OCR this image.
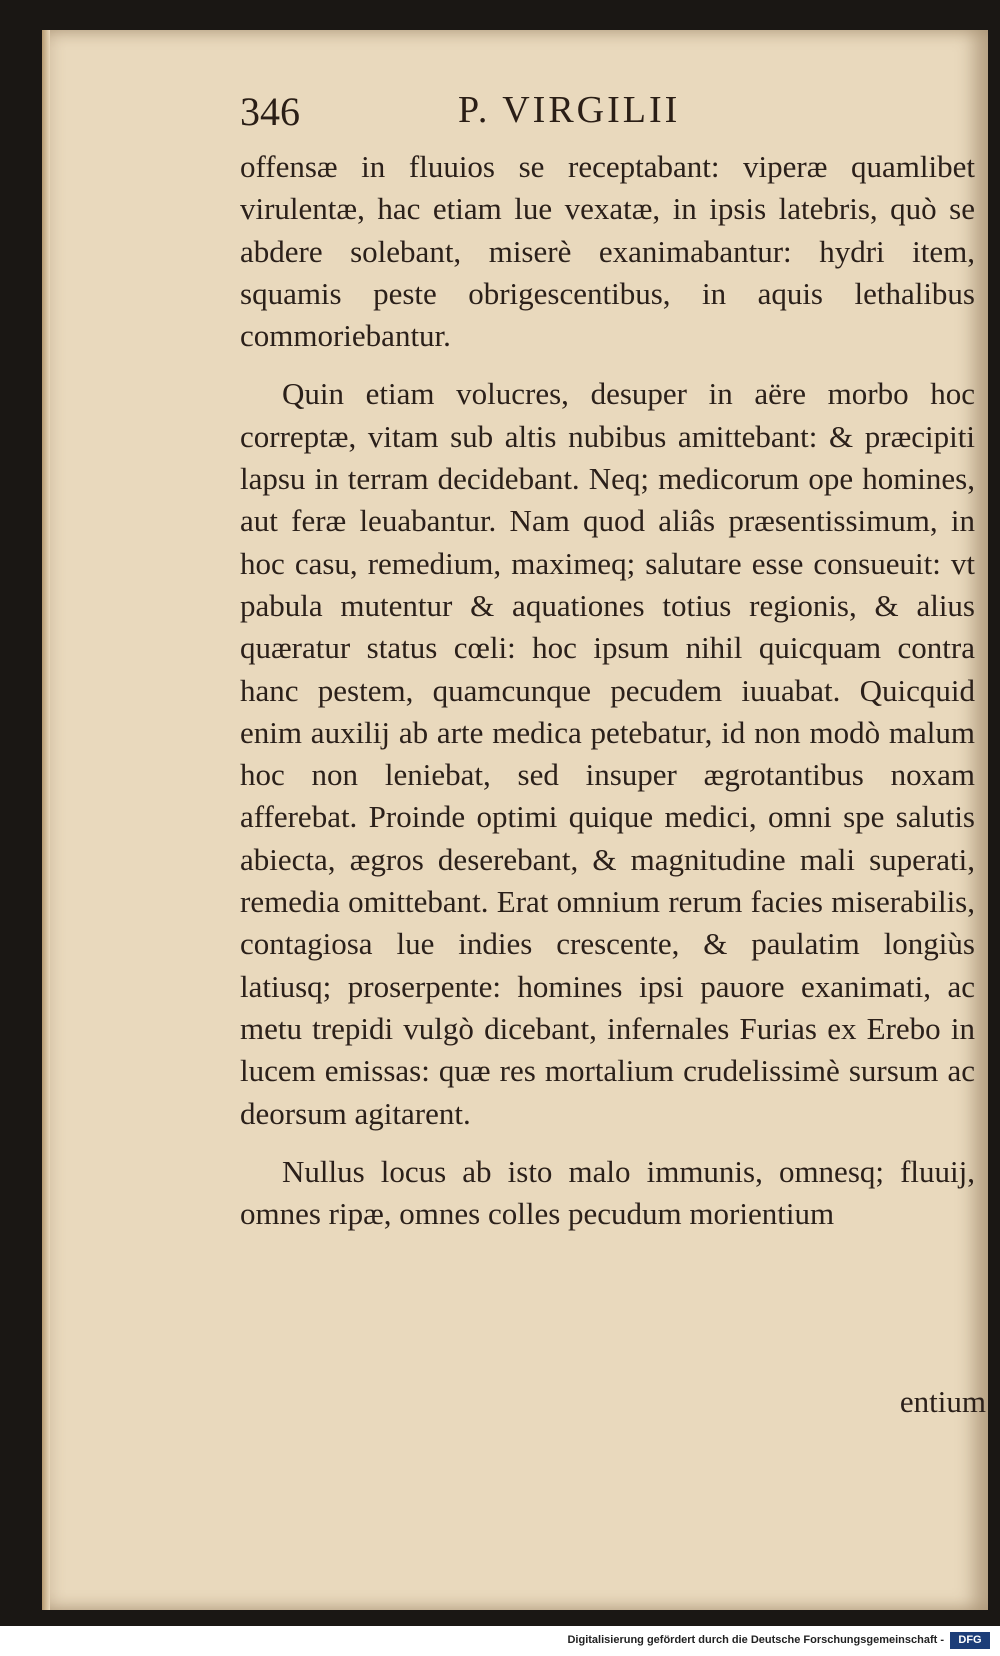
346	P. VIRGILII

offensæ in fluuios se receptabant: viperæ quamlibet virulentæ, hac etiam lue vexatæ, in ipsis latebris, quò se abdere solebant, miserè exanimabantur: hydri item, squamis peste obrigescentibus, in aquis lethalibus commoriebantur.

Quin etiam volucres, desuper in aëre morbo hoc correptæ, vitam sub altis nubibus amittebant: & præcipiti lapsu in terram decidebant. Neq; medicorum ope homines, aut feræ leuabantur. Nam quod aliâs præsentissimum, in hoc casu, remedium, maximeq; salutare esse consueuit: vt pabula mutentur & aquationes totius regionis, & alius quæratur status cœli: hoc ipsum nihil quicquam contra hanc pestem, quamcunque pecudem iuuabat. Quicquid enim auxilij ab arte medica petebatur, id non modò malum hoc non leniebat, sed insuper ægrotantibus noxam afferebat. Proinde optimi quique medici, omni spe salutis abiecta, ægros deserebant, & magnitudine mali superati, remedia omittebant. Erat omnium rerum facies miserabilis, contagiosa lue indies crescente, & paulatim longiùs latiusq; proserpente: homines ipsi pauore exanimati, ac metu trepidi vulgò dicebant, infernales Furias ex Erebo in lucem emissas: quæ res mortalium crudelissimè sursum ac deorsum agitarent.

Nullus locus ab isto malo immunis, omnesq; fluuij, omnes ripæ, omnes colles pecudum morientium

entium
Digitalisierung gefördert durch die Deutsche Forschungsgemeinschaft -	DFG
